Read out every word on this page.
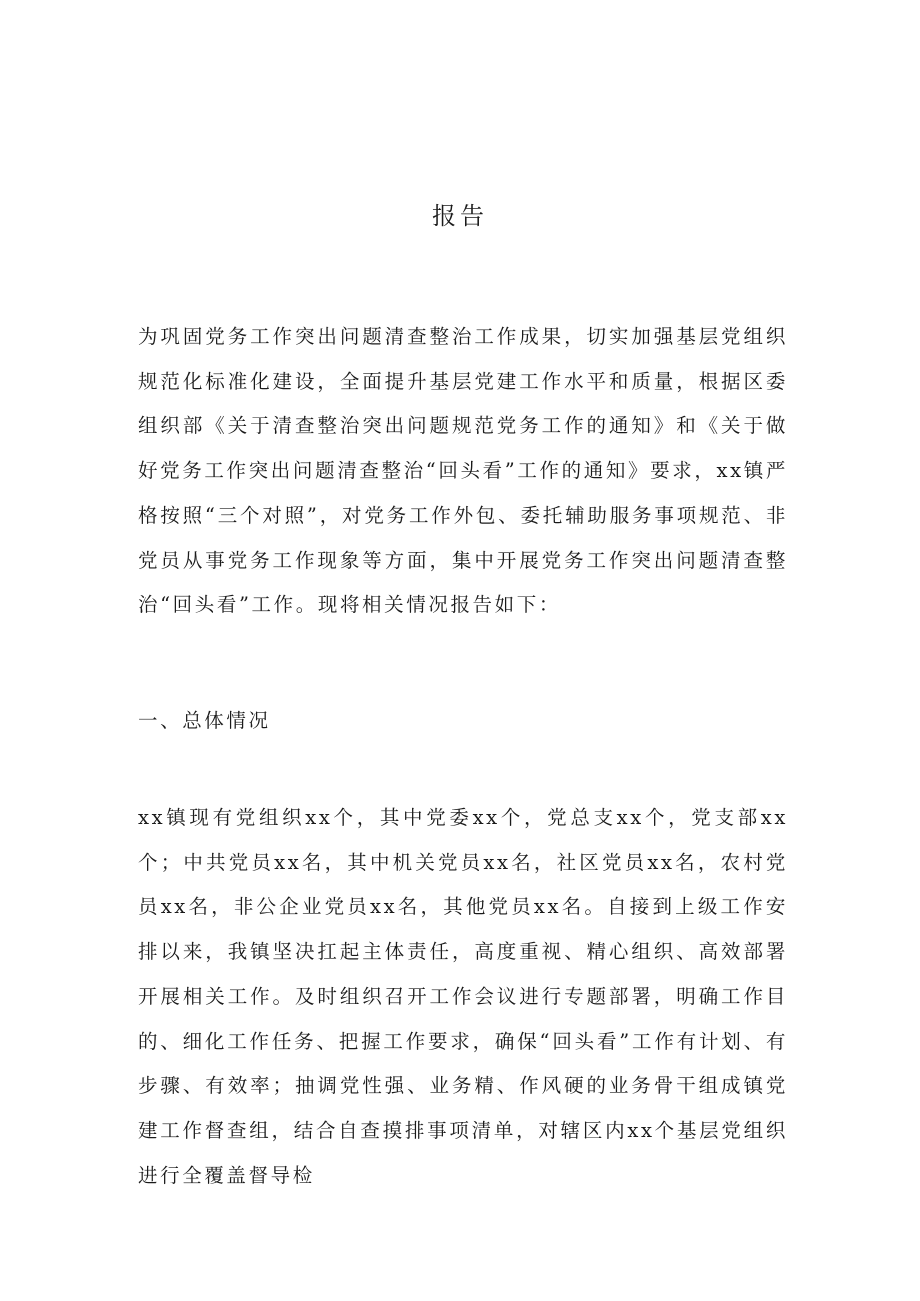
报告

为巩固党务工作突出问题清查整治工作成果，切实加强基层党组织规范化标准化建设，全面提升基层党建工作水平和质量，根据区委组织部《关于清查整治突出问题规范党务工作的通知》和《关于做好党务工作突出问题清查整治“回头看”工作的通知》要求，xx镇严格按照“三个对照”，对党务工作外包、委托辅助服务事项规范、非党员从事党务工作现象等方面，集中开展党务工作突出问题清查整治“回头看”工作。现将相关情况报告如下：

一、总体情况

xx镇现有党组织xx个，其中党委xx个，党总支xx个，党支部xx个；中共党员xx名，其中机关党员xx名，社区党员xx名，农村党员xx名，非公企业党员xx名，其他党员xx名。自接到上级工作安排以来，我镇坚决扛起主体责任，高度重视、精心组织、高效部署开展相关工作。及时组织召开工作会议进行专题部署，明确工作目的、细化工作任务、把握工作要求，确保“回头看”工作有计划、有步骤、有效率；抽调党性强、业务精、作风硬的业务骨干组成镇党建工作督查组，结合自查摸排事项清单，对辖区内xx个基层党组织进行全覆盖督导检
